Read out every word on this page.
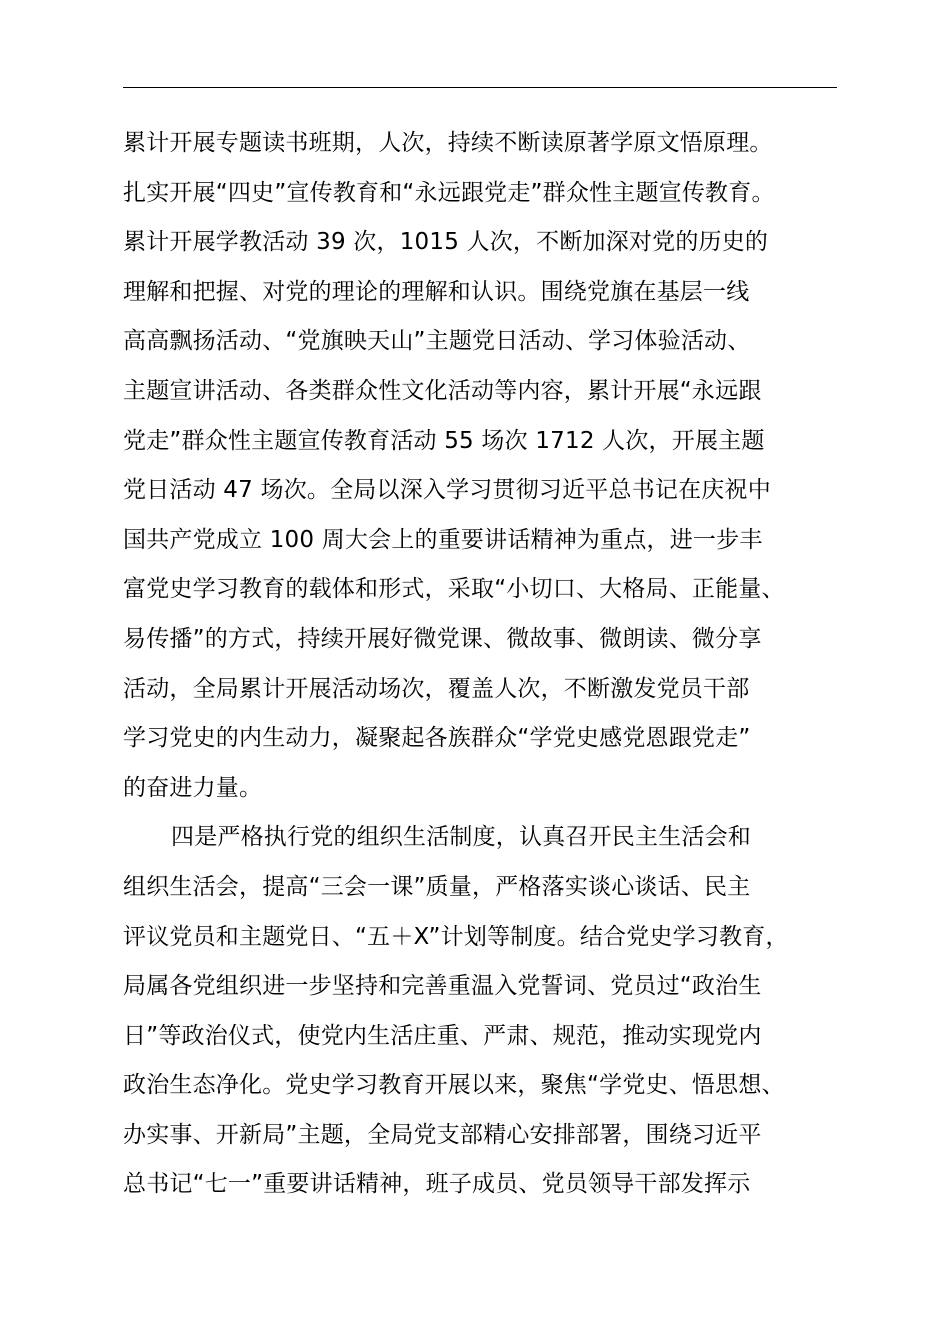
累计开展专题读书班期，人次，持续不断读原著学原文悟原理。
扎实开展“四史”宣传教育和“永远跟党走”群众性主题宣传教育。
累计开展学教活动 39 次，1015 人次，不断加深对党的历史的
理解和把握、对党的理论的理解和认识。围绕党旗在基层一线
高高飘扬活动、“党旗映天山”主题党日活动、学习体验活动、
主题宣讲活动、各类群众性文化活动等内容，累计开展“永远跟
党走”群众性主题宣传教育活动 55 场次 1712 人次，开展主题
党日活动 47 场次。全局以深入学习贯彻习近平总书记在庆祝中
国共产党成立 100 周大会上的重要讲话精神为重点，进一步丰
富党史学习教育的载体和形式，采取“小切口、大格局、正能量、
易传播”的方式，持续开展好微党课、微故事、微朗读、微分享
活动，全局累计开展活动场次，覆盖人次，不断激发党员干部
学习党史的内生动力，凝聚起各族群众“学党史感党恩跟党走”
的奋进力量。
四是严格执行党的组织生活制度，认真召开民主生活会和
组织生活会，提高“三会一课”质量，严格落实谈心谈话、民主
评议党员和主题党日、“五＋X”计划等制度。结合党史学习教育，
局属各党组织进一步坚持和完善重温入党誓词、党员过“政治生
日”等政治仪式，使党内生活庄重、严肃、规范，推动实现党内
政治生态净化。党史学习教育开展以来，聚焦“学党史、悟思想、
办实事、开新局”主题，全局党支部精心安排部署，围绕习近平
总书记“七一”重要讲话精神，班子成员、党员领导干部发挥示
